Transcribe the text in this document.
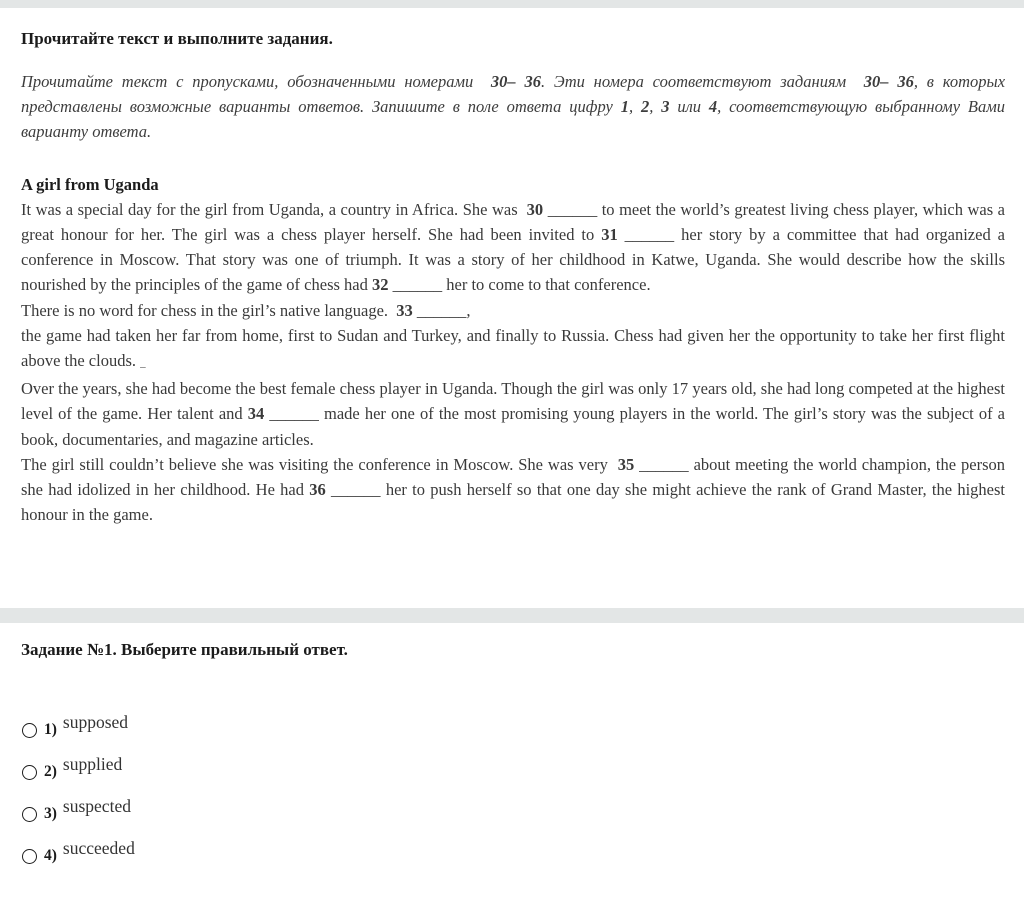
Прочитайте текст и выполните задания.

Прочитайте текст с пропусками, обозначенными номерами  30– 36. Эти номера соответствуют заданиям  30– 36, в которых представлены возможные варианты ответов. Запишите в поле ответа цифру 1, 2, 3 или 4, соответствующую выбранному Вами варианту ответа.

A girl from Uganda

It was a special day for the girl from Uganda, a country in Africa. She was  30 ______ to meet the world’s greatest living chess player, which was a great honour for her. The girl was a chess player herself. She had been invited to 31 ______ her story by a committee that had organized a conference in Moscow. That story was one of triumph. It was a story of her childhood in Katwe, Uganda. She would describe how the skills nourished by the principles of the game of chess had 32 ______ her to come to that conference.

There is no word for chess in the girl’s native language.  33 ______,
the game had taken her far from home, first to Sudan and Turkey, and finally to Russia. Chess had given her the opportunity to take her first flight above the clouds. _

Over the years, she had become the best female chess player in Uganda. Though the girl was only 17 years old, she had long competed at the highest level of the game. Her talent and 34 ______ made her one of the most promising young players in the world. The girl’s story was the subject of a book, documentaries, and magazine articles.

The girl still couldn’t believe she was visiting the conference in Moscow. She was very  35 ______ about meeting the world champion, the person she had idolized in her childhood. He had 36 ______ her to push herself so that one day she might achieve the rank of Grand Master, the highest honour in the game.

Задание №1. Выберите правильный ответ.
1) supposed
2) supplied
3) suspected
4) succeeded
